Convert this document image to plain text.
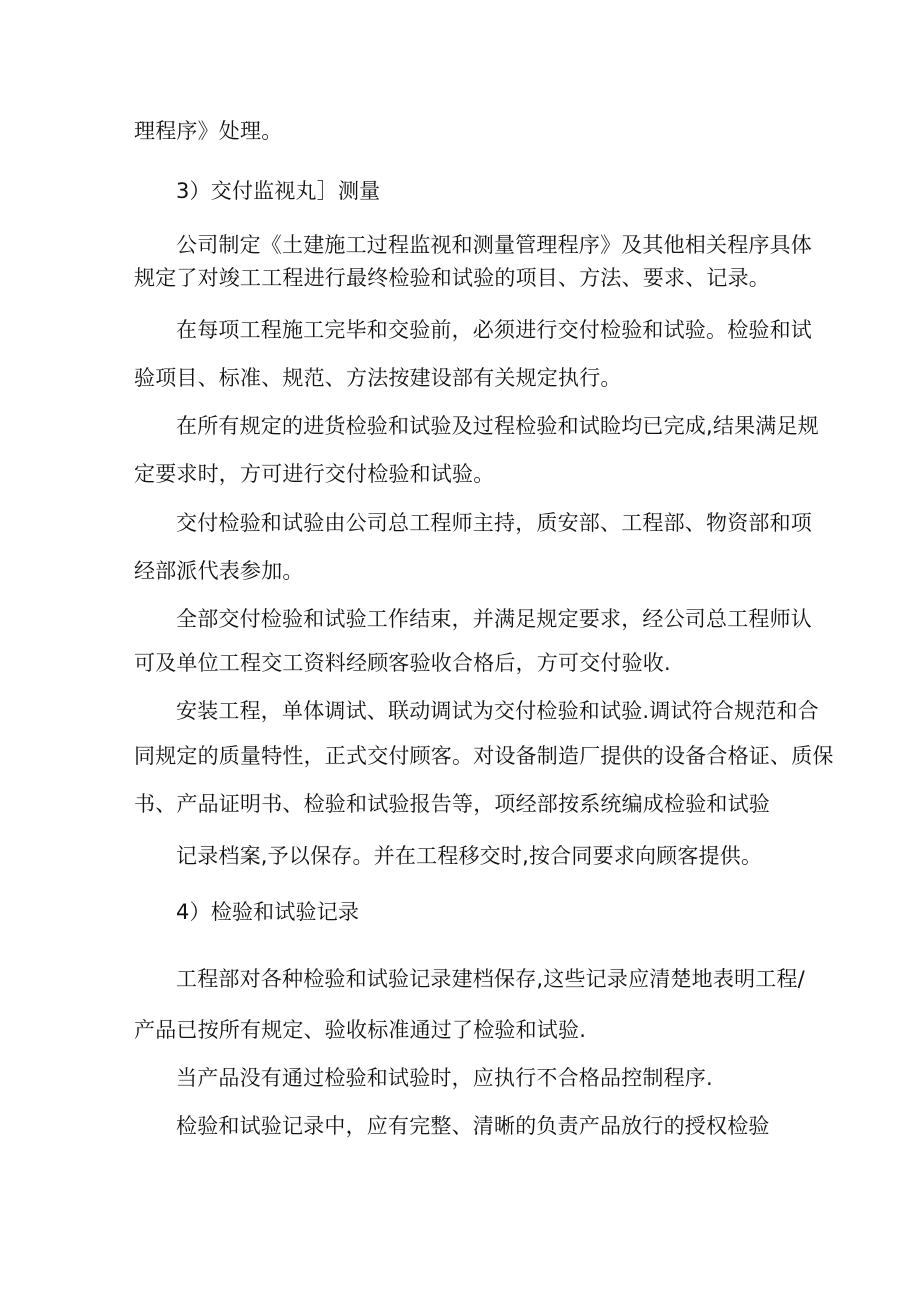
理程序》处理。
3）交付监视丸］测量
公司制定《土建施工过程监视和测量管理程序》及其他相关程序具体
规定了对竣工工程进行最终检验和试验的项目、方法、要求、记录。
在每项工程施工完毕和交验前，必须进行交付检验和试验。检验和试
验项目、标准、规范、方法按建设部有关规定执行。
在所有规定的进货检验和试验及过程检验和试睑均已完成,结果满足规
定要求时，方可进行交付检验和试验。
交付检验和试验由公司总工程师主持，质安部、工程部、物资部和项
经部派代表参加。
全部交付检验和试验工作结束，并满足规定要求，经公司总工程师认
可及单位工程交工资料经顾客验收合格后，方可交付验收.
安装工程，单体调试、联动调试为交付检验和试验.调试符合规范和合
同规定的质量特性，正式交付顾客。对设备制造厂提供的设备合格证、质保
书、产品证明书、检验和试验报告等，项经部按系统编成检验和试验
记录档案,予以保存。并在工程移交时,按合同要求向顾客提供。
4）检验和试验记录
工程部对各种检验和试验记录建档保存,这些记录应清楚地表明工程/
产品已按所有规定、验收标准通过了检验和试验.
当产品没有通过检验和试验时，应执行不合格品控制程序.
检验和试验记录中，应有完整、清晰的负责产品放行的授权检验
